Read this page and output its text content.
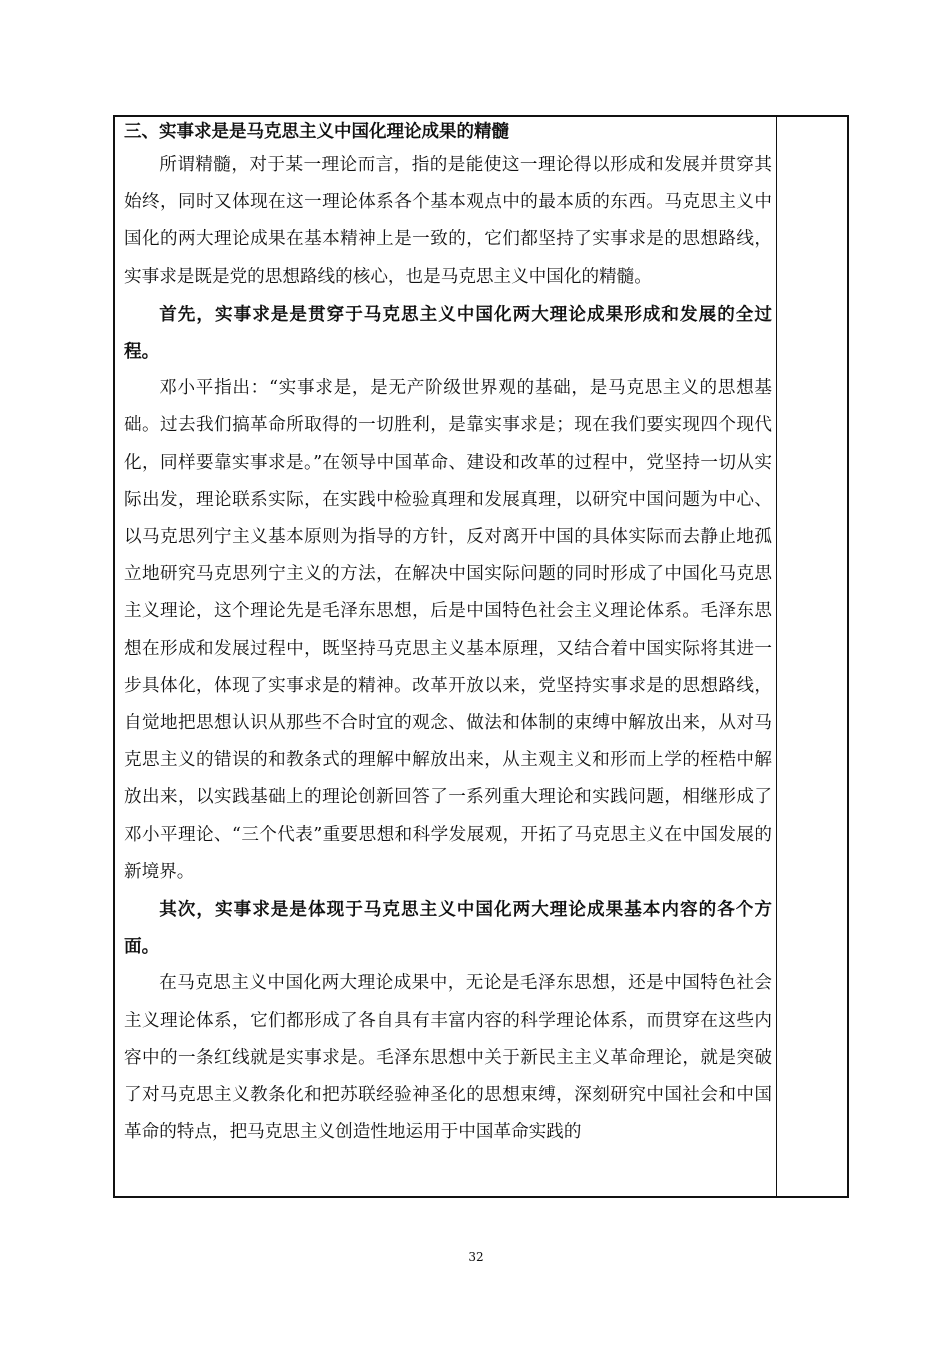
三、实事求是是马克思主义中国化理论成果的精髓

所谓精髓，对于某一理论而言，指的是能使这一理论得以形成和发展并贯穿其始终，同时又体现在这一理论体系各个基本观点中的最本质的东西。马克思主义中国化的两大理论成果在基本精神上是一致的，它们都坚持了实事求是的思想路线，实事求是既是党的思想路线的核心，也是马克思主义中国化的精髓。

首先，实事求是是贯穿于马克思主义中国化两大理论成果形成和发展的全过程。

邓小平指出：“实事求是，是无产阶级世界观的基础，是马克思主义的思想基础。过去我们搞革命所取得的一切胜利，是靠实事求是；现在我们要实现四个现代化，同样要靠实事求是。”在领导中国革命、建设和改革的过程中，党坚持一切从实际出发，理论联系实际，在实践中检验真理和发展真理，以研究中国问题为中心、以马克思列宁主义基本原则为指导的方针，反对离开中国的具体实际而去静止地孤立地研究马克思列宁主义的方法，在解决中国实际问题的同时形成了中国化马克思主义理论，这个理论先是毛泽东思想，后是中国特色社会主义理论体系。毛泽东思想在形成和发展过程中，既坚持马克思主义基本原理，又结合着中国实际将其进一步具体化，体现了实事求是的精神。改革开放以来，党坚持实事求是的思想路线，自觉地把思想认识从那些不合时宜的观念、做法和体制的束缚中解放出来，从对马克思主义的错误的和教条式的理解中解放出来，从主观主义和形而上学的桎梏中解放出来，以实践基础上的理论创新回答了一系列重大理论和实践问题，相继形成了邓小平理论、“三个代表”重要思想和科学发展观，开拓了马克思主义在中国发展的新境界。

其次，实事求是是体现于马克思主义中国化两大理论成果基本内容的各个方面。

在马克思主义中国化两大理论成果中，无论是毛泽东思想，还是中国特色社会主义理论体系，它们都形成了各自具有丰富内容的科学理论体系，而贯穿在这些内容中的一条红线就是实事求是。毛泽东思想中关于新民主主义革命理论，就是突破了对马克思主义教条化和把苏联经验神圣化的思想束缚，深刻研究中国社会和中国革命的特点，把马克思主义创造性地运用于中国革命实践的

32
